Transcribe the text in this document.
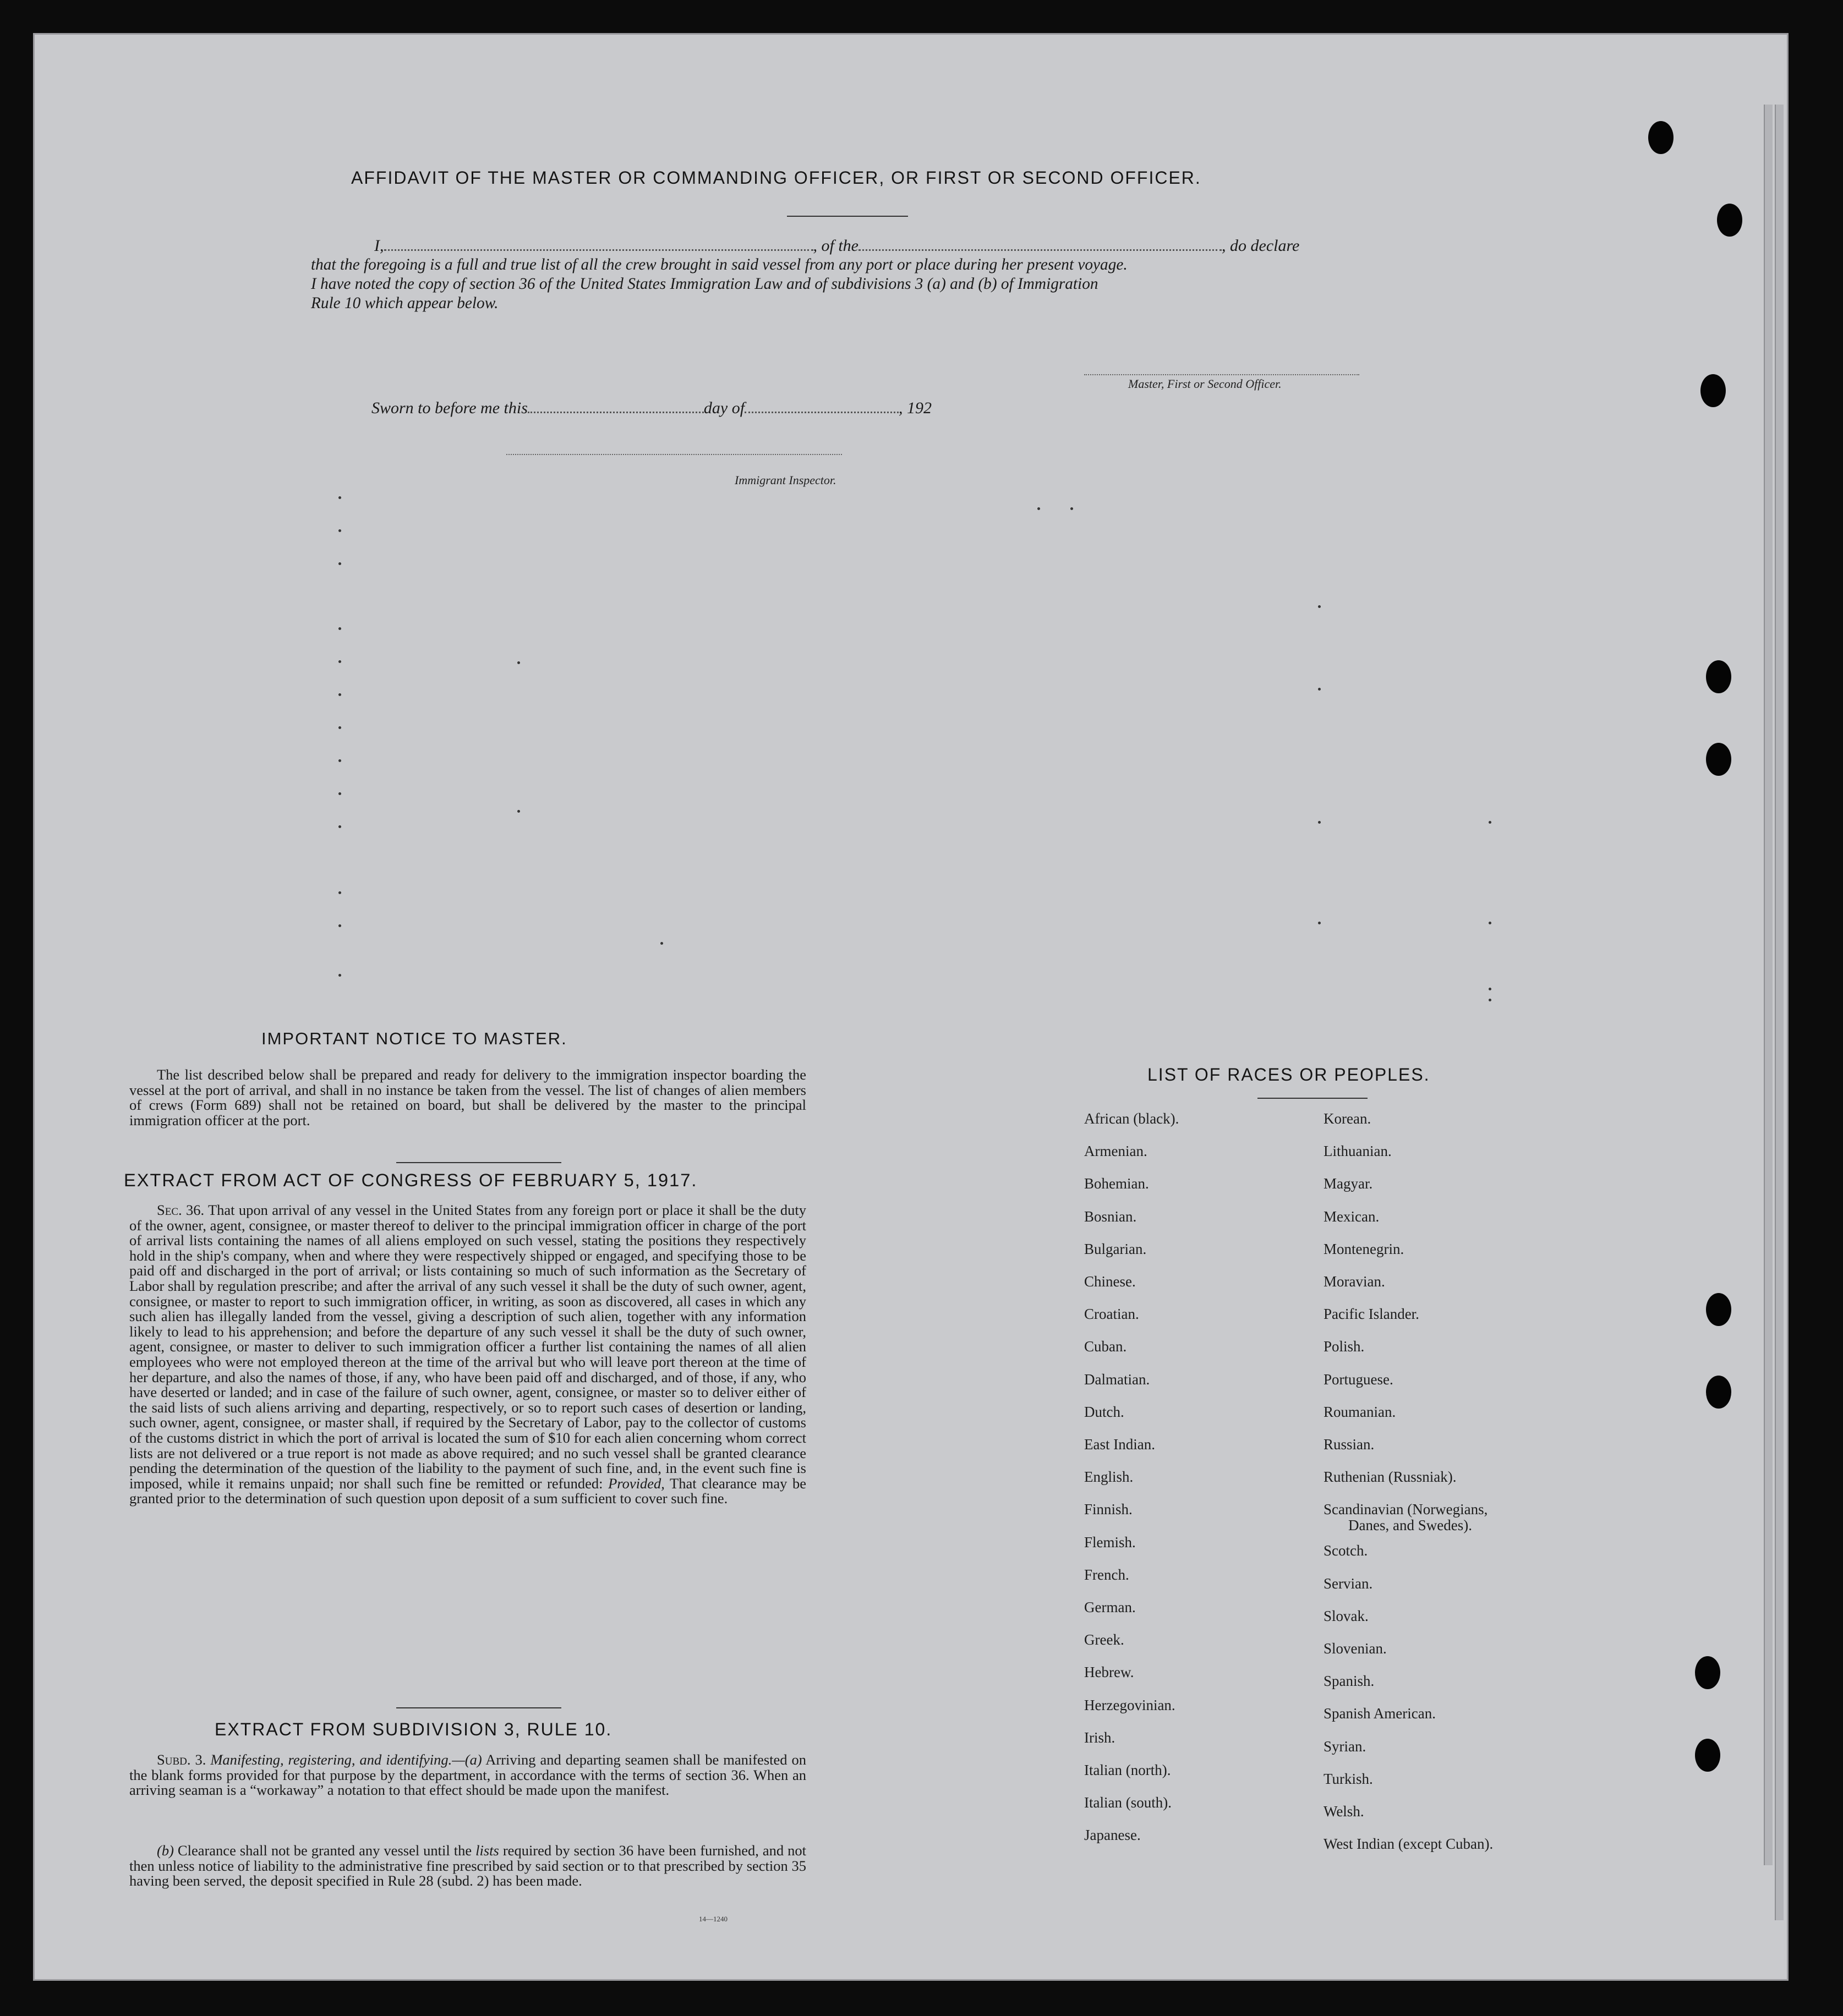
AFFIDAVIT OF THE MASTER OR COMMANDING OFFICER, OR FIRST OR SECOND OFFICER.
I,	, of the	, do declare
that the foregoing is a full and true list of all the crew brought in said vessel from any port or place during her present voyage.
I have noted the copy of section 36 of the United States Immigration Law and of subdivisions 3 (a) and (b) of Immigration
Rule 10 which appear below.
Master, First or Second Officer.
Sworn to before me this	day of	, 192
Immigrant Inspector.
IMPORTANT NOTICE TO MASTER.
The list described below shall be prepared and ready for delivery to the immigration inspector boarding the vessel at the port of arrival, and shall in no instance be taken from the vessel. The list of changes of alien members of crews (Form 689) shall not be retained on board, but shall be delivered by the master to the principal immigration officer at the port.
EXTRACT FROM ACT OF CONGRESS OF FEBRUARY 5, 1917.
Sec. 36. That upon arrival of any vessel in the United States from any foreign port or place it shall be the duty of the owner, agent, consignee, or master thereof to deliver to the principal immigration officer in charge of the port of arrival lists containing the names of all aliens employed on such vessel, stating the positions they respectively hold in the ship's company, when and where they were respectively shipped or engaged, and specifying those to be paid off and discharged in the port of arrival; or lists containing so much of such information as the Secretary of Labor shall by regulation prescribe; and after the arrival of any such vessel it shall be the duty of such owner, agent, consignee, or master to report to such immigration officer, in writing, as soon as discovered, all cases in which any such alien has illegally landed from the vessel, giving a description of such alien, together with any information likely to lead to his apprehension; and before the departure of any such vessel it shall be the duty of such owner, agent, consignee, or master to deliver to such immigration officer a further list containing the names of all alien employees who were not employed thereon at the time of the arrival but who will leave port thereon at the time of her departure, and also the names of those, if any, who have been paid off and discharged, and of those, if any, who have deserted or landed; and in case of the failure of such owner, agent, consignee, or master so to deliver either of the said lists of such aliens arriving and departing, respectively, or so to report such cases of desertion or landing, such owner, agent, consignee, or master shall, if required by the Secretary of Labor, pay to the collector of customs of the customs district in which the port of arrival is located the sum of $10 for each alien concerning whom correct lists are not delivered or a true report is not made as above required; and no such vessel shall be granted clearance pending the determination of the question of the liability to the payment of such fine, and, in the event such fine is imposed, while it remains unpaid; nor shall such fine be remitted or refunded: Provided, That clearance may be granted prior to the determination of such question upon deposit of a sum sufficient to cover such fine.
EXTRACT FROM SUBDIVISION 3, RULE 10.
Subd. 3. Manifesting, registering, and identifying.—(a) Arriving and departing seamen shall be manifested on the blank forms provided for that purpose by the department, in accordance with the terms of section 36. When an arriving seaman is a “workaway” a notation to that effect should be made upon the manifest.
(b) Clearance shall not be granted any vessel until the lists required by section 36 have been furnished, and not then unless notice of liability to the administrative fine prescribed by said section or to that prescribed by section 35 having been served, the deposit specified in Rule 28 (subd. 2) has been made.
14—1240
LIST OF RACES OR PEOPLES.
African (black).
Armenian.
Bohemian.
Bosnian.
Bulgarian.
Chinese.
Croatian.
Cuban.
Dalmatian.
Dutch.
East Indian.
English.
Finnish.
Flemish.
French.
German.
Greek.
Hebrew.
Herzegovinian.
Irish.
Italian (north).
Italian (south).
Japanese.
Korean.
Lithuanian.
Magyar.
Mexican.
Montenegrin.
Moravian.
Pacific Islander.
Polish.
Portuguese.
Roumanian.
Russian.
Ruthenian (Russniak).
Scandinavian (Norwegians,
Danes, and Swedes).
Scotch.
Servian.
Slovak.
Slovenian.
Spanish.
Spanish American.
Syrian.
Turkish.
Welsh.
West Indian (except Cuban).
